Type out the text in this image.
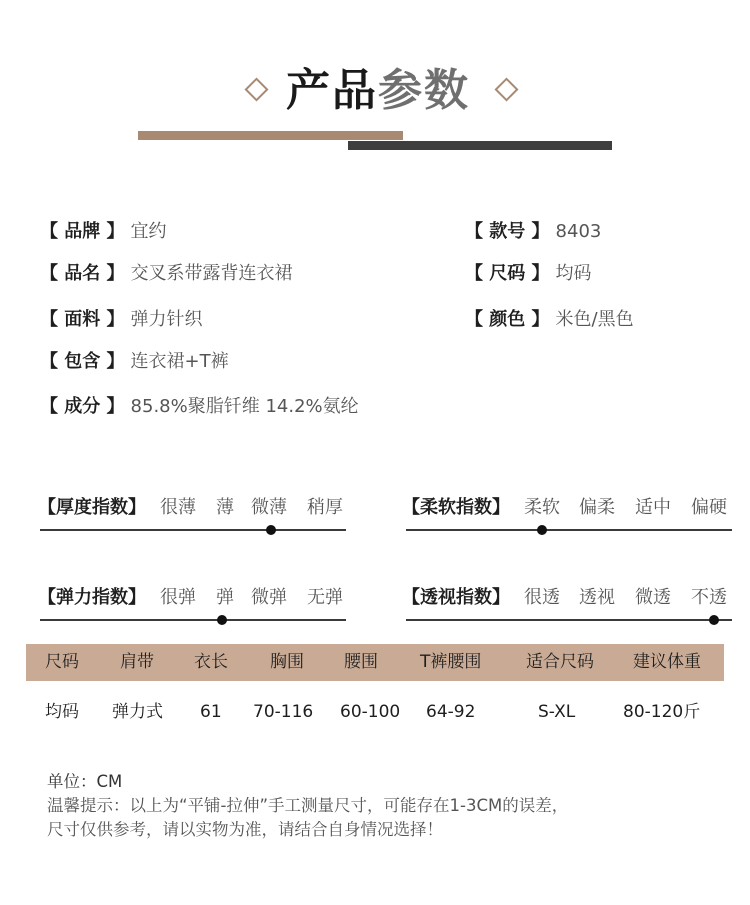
产品参数
【 品牌 】 宜约	【 款号 】 8403
【 品名 】 交叉系带露背连衣裙	【 尺码 】 均码
【 面料 】 弹力针织	【 颜色 】 米色/黑色
【 包含 】 连衣裙+T裤
【 成分 】 85.8%聚脂钎维 14.2%氨纶
【厚度指数】 很薄 薄 微薄 稍厚	【柔软指数】 柔软 偏柔 适中 偏硬
【弹力指数】 很弹 弹 微弹 无弹	【透视指数】 很透 透视 微透 不透
尺码 肩带 衣长 胸围 腰围 T裤腰围	适合尺码 建议体重
均码 弹力式 61 70-116 60-100 64-92	S-XL	80-120斤
单位：CM
温馨提示：以上为“平铺-拉伸”手工测量尺寸，可能存在1-3CM的误差，
尺寸仅供参考，请以实物为准，请结合自身情况选择！
